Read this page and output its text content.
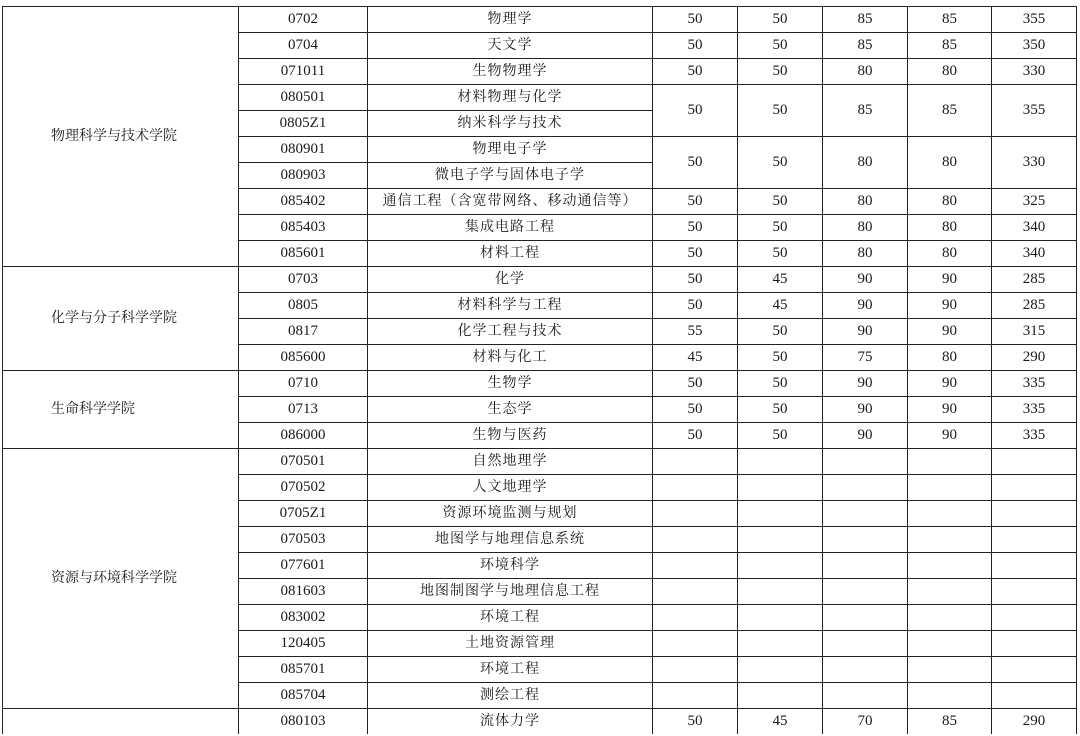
物理科学与技术学院	0702	物理学	50	50	85	85	355
	0704	天文学	50	50	85	85	350
	071011	生物物理学	50	50	80	80	330
	080501	材料物理与化学	50	50	85	85	355
	0805Z1	纳米科学与技术					
	080901	物理电子学	50	50	80	80	330
	080903	微电子学与固体电子学					
	085402	通信工程（含宽带网络、移动通信等）	50	50	80	80	325
	085403	集成电路工程	50	50	80	80	340
	085601	材料工程	50	50	80	80	340
化学与分子科学学院	0703	化学	50	45	90	90	285
	0805	材料科学与工程	50	45	90	90	285
	0817	化学工程与技术	55	50	90	90	315
	085600	材料与化工	45	50	75	80	290
生命科学学院	0710	生物学	50	50	90	90	335
	0713	生态学	50	50	90	90	335
	086000	生物与医药	50	50	90	90	335
资源与环境科学学院	070501	自然地理学					
	070502	人文地理学					
	0705Z1	资源环境监测与规划					
	070503	地图学与地理信息系统					
	077601	环境科学					
	081603	地图制图学与地理信息工程					
	083002	环境工程					
	120405	土地资源管理					
	085701	环境工程					
	085704	测绘工程					
	080103	流体力学	50	45	70	85	290
